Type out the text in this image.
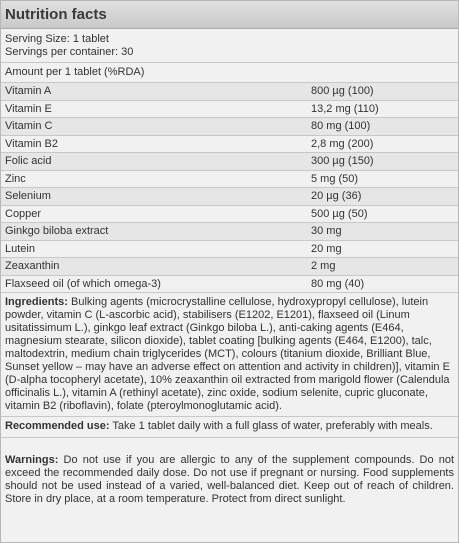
Nutrition facts
Serving Size: 1 tablet
Servings per container: 30
Amount per 1 tablet (%RDA)
Vitamin A	800 µg (100)
Vitamin E	13,2 mg (110)
Vitamin C	80 mg (100)
Vitamin B2	2,8 mg (200)
Folic acid	300 µg (150)
Zinc	5 mg (50)
Selenium	20 µg (36)
Copper	500 µg (50)
Ginkgo biloba extract	30 mg
Lutein	20 mg
Zeaxanthin	2 mg
Flaxseed oil (of which omega-3)	80 mg (40)
Ingredients: Bulking agents (microcrystalline cellulose, hydroxypropyl cellulose), lutein powder, vitamin C (L-ascorbic acid), stabilisers (E1202, E1201), flaxseed oil (Linum usitatissimum L.), ginkgo leaf extract (Ginkgo biloba L.), anti-caking agents (E464, magnesium stearate, silicon dioxide), tablet coating [bulking agents (E464, E1200), talc, maltodextrin, medium chain triglycerides (MCT), colours (titanium dioxide, Brilliant Blue, Sunset yellow – may have an adverse effect on attention and activity in children)], vitamin E (D-alpha tocopheryl acetate), 10% zeaxanthin oil extracted from marigold flower (Calendula officinalis L.), vitamin A (rethinyl acetate), zinc oxide, sodium selenite, cupric gluconate, vitamin B2 (riboflavin), folate (pteroylmonoglutamic acid).
Recommended use: Take 1 tablet daily with a full glass of water, preferably with meals.
Warnings: Do not use if you are allergic to any of the supplement compounds. Do not exceed the recommended daily dose. Do not use if pregnant or nursing. Food supplements should not be used instead of a varied, well-balanced diet. Keep out of reach of children. Store in dry place, at a room temperature. Protect from direct sunlight.
